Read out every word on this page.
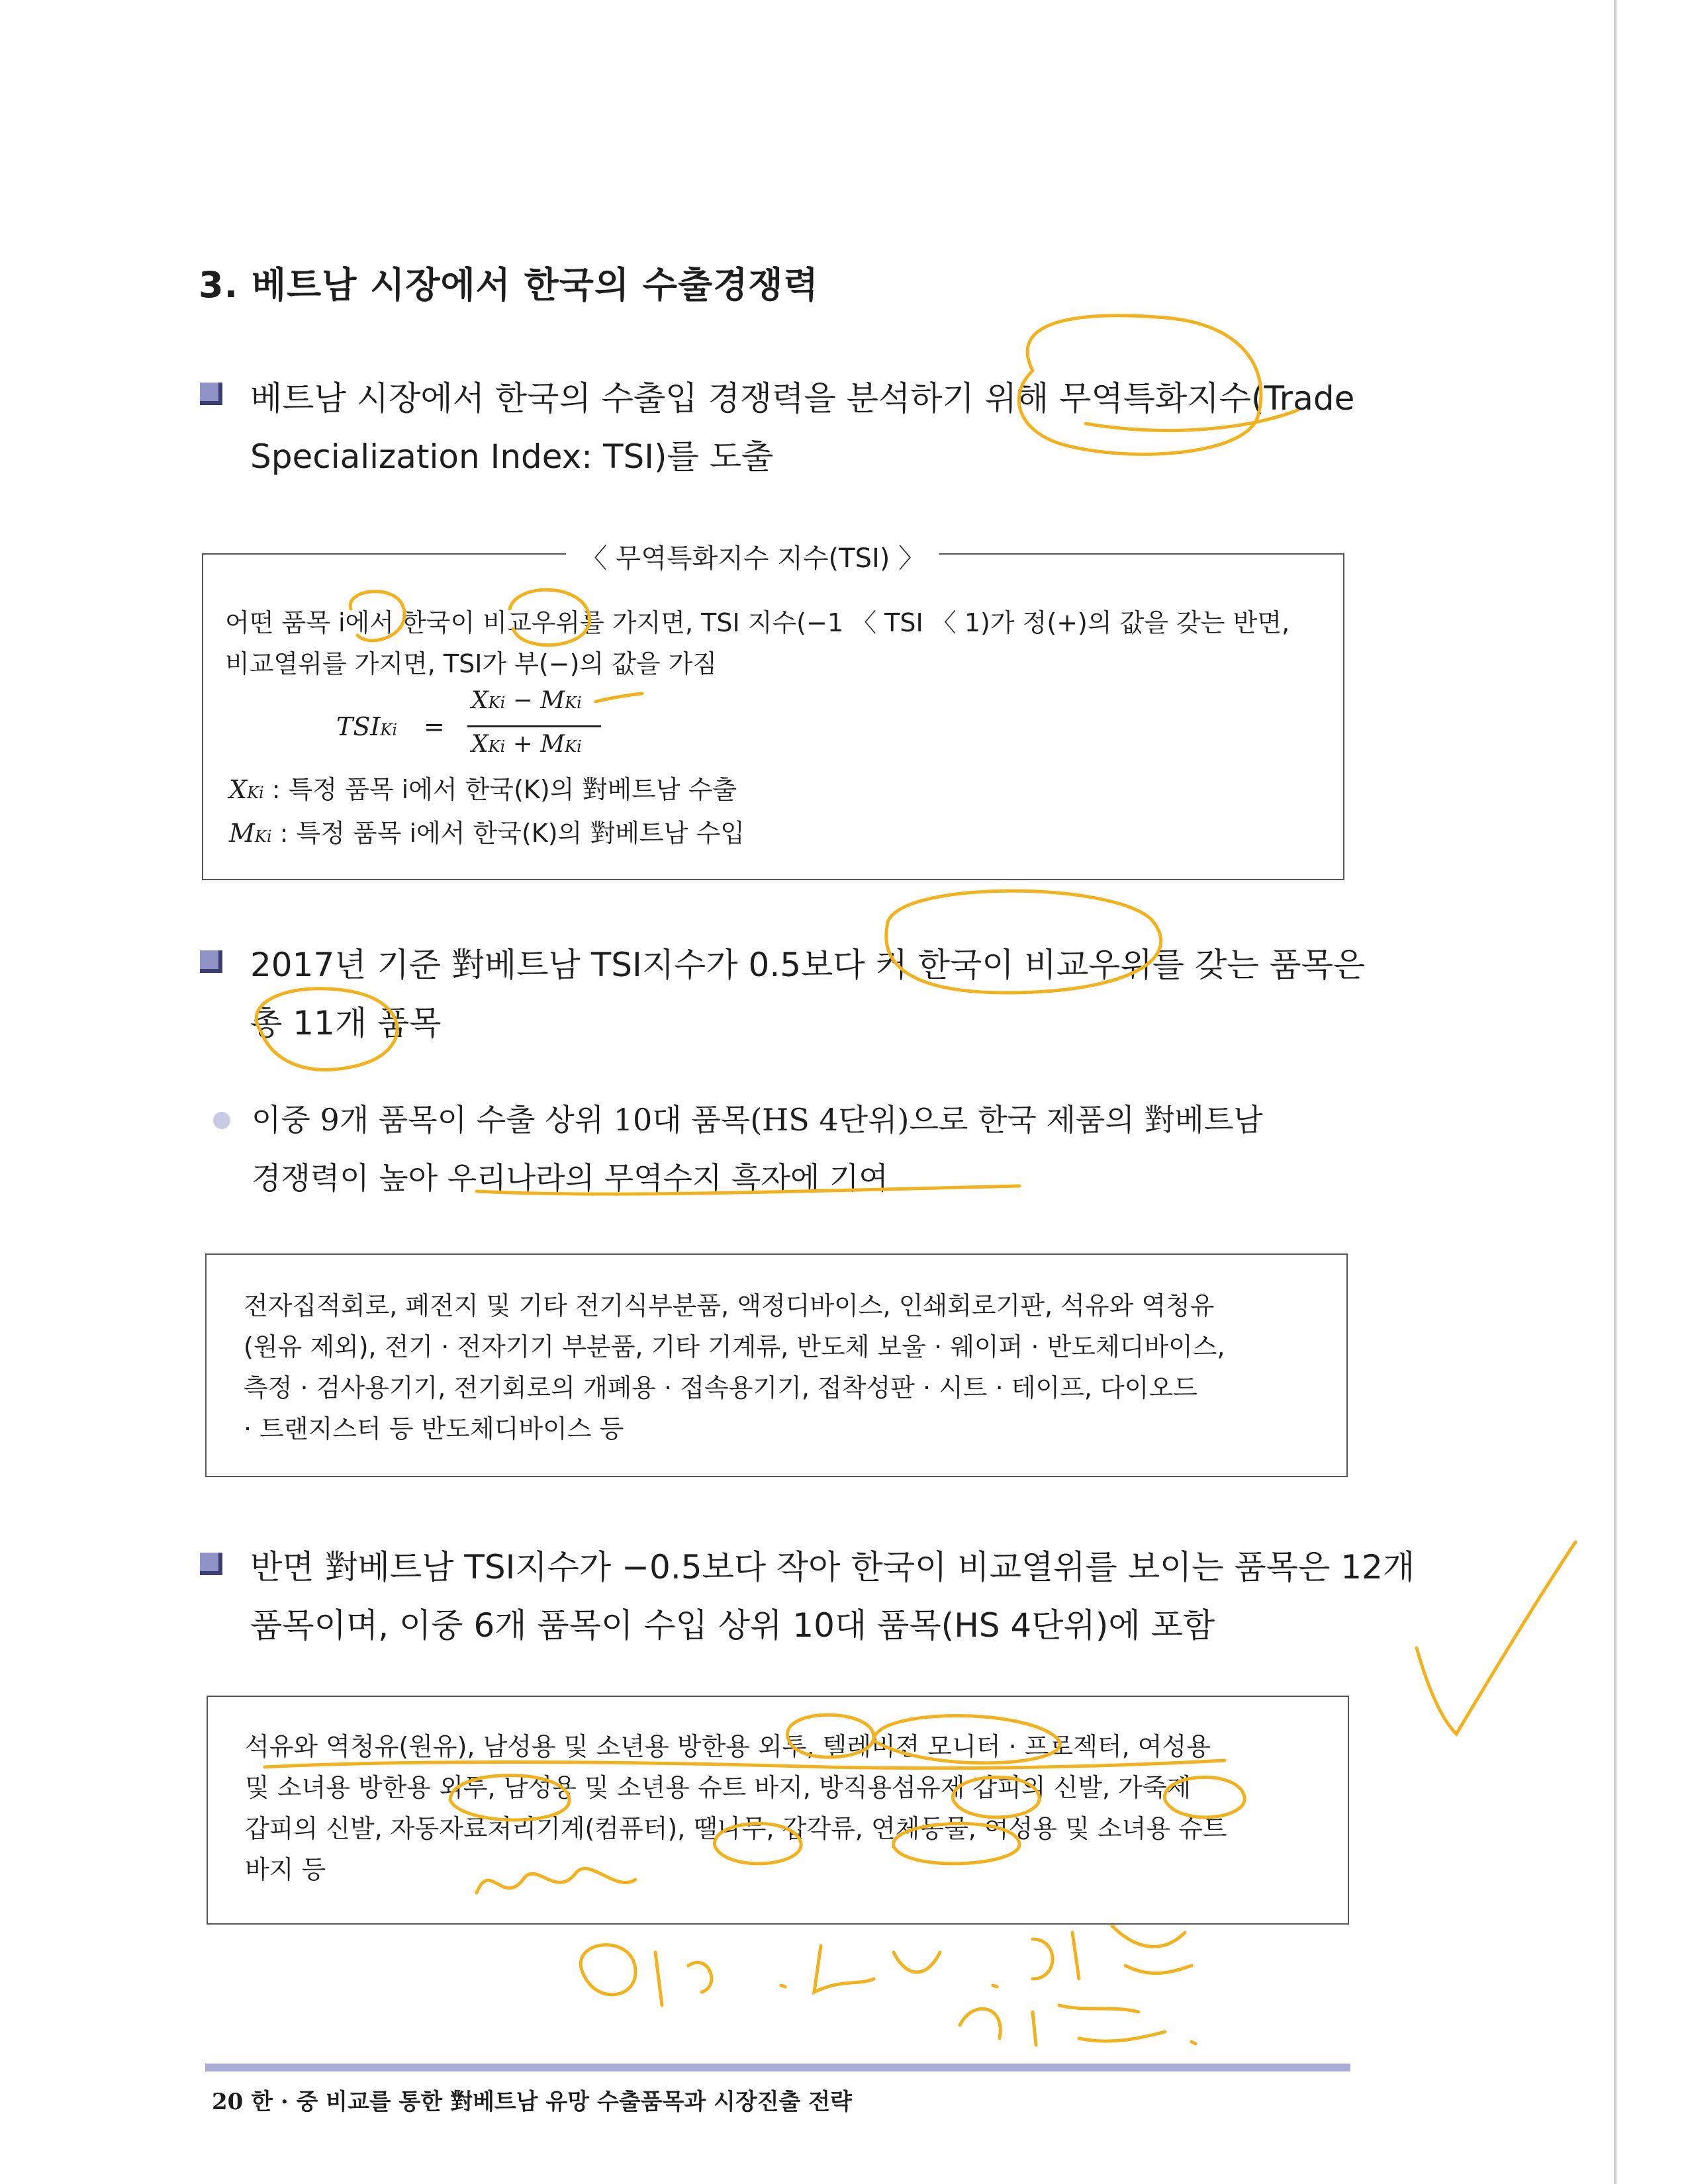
3. 베트남 시장에서 한국의 수출경쟁력
베트남 시장에서 한국의 수출입 경쟁력을 분석하기 위해 무역특화지수(Trade
Specialization Index: TSI)를 도출
〈 무역특화지수 지수(TSI) 〉
어떤 품목 i에서 한국이 비교우위를 가지면, TSI 지수(−1 〈 TSI 〈 1)가 정(+)의 값을 갖는 반면,
비교열위를 가지면, TSI가 부(−)의 값을 가짐
TSIKi =
XKi − MKi
XKi + MKi
XKi : 특정 품목 i에서 한국(K)의 對베트남 수출
MKi : 특정 품목 i에서 한국(K)의 對베트남 수입
2017년 기준 對베트남 TSI지수가 0.5보다 커 한국이 비교우위를 갖는 품목은
총 11개 품목
이중 9개 품목이 수출 상위 10대 품목(HS 4단위)으로 한국 제품의 對베트남
경쟁력이 높아 우리나라의 무역수지 흑자에 기여
전자집적회로, 폐전지 및 기타 전기식부분품, 액정디바이스, 인쇄회로기판, 석유와 역청유
(원유 제외), 전기 · 전자기기 부분품, 기타 기계류, 반도체 보울 · 웨이퍼 · 반도체디바이스,
측정 · 검사용기기, 전기회로의 개폐용 · 접속용기기, 접착성판 · 시트 · 테이프, 다이오드
· 트랜지스터 등 반도체디바이스 등
반면 對베트남 TSI지수가 −0.5보다 작아 한국이 비교열위를 보이는 품목은 12개
품목이며, 이중 6개 품목이 수입 상위 10대 품목(HS 4단위)에 포함
석유와 역청유(원유), 남성용 및 소년용 방한용 외투, 텔레비젼 모니터 · 프로젝터, 여성용
및 소녀용 방한용 외투, 남성용 및 소년용 슈트 바지, 방직용섬유제 갑피의 신발, 가죽제
갑피의 신발, 자동자료처리기계(컴퓨터), 땔나무, 갑각류, 연체동물, 여성용 및 소녀용 슈트
바지 등
20 한 · 중 비교를 통한 對베트남 유망 수출품목과 시장진출 전략
